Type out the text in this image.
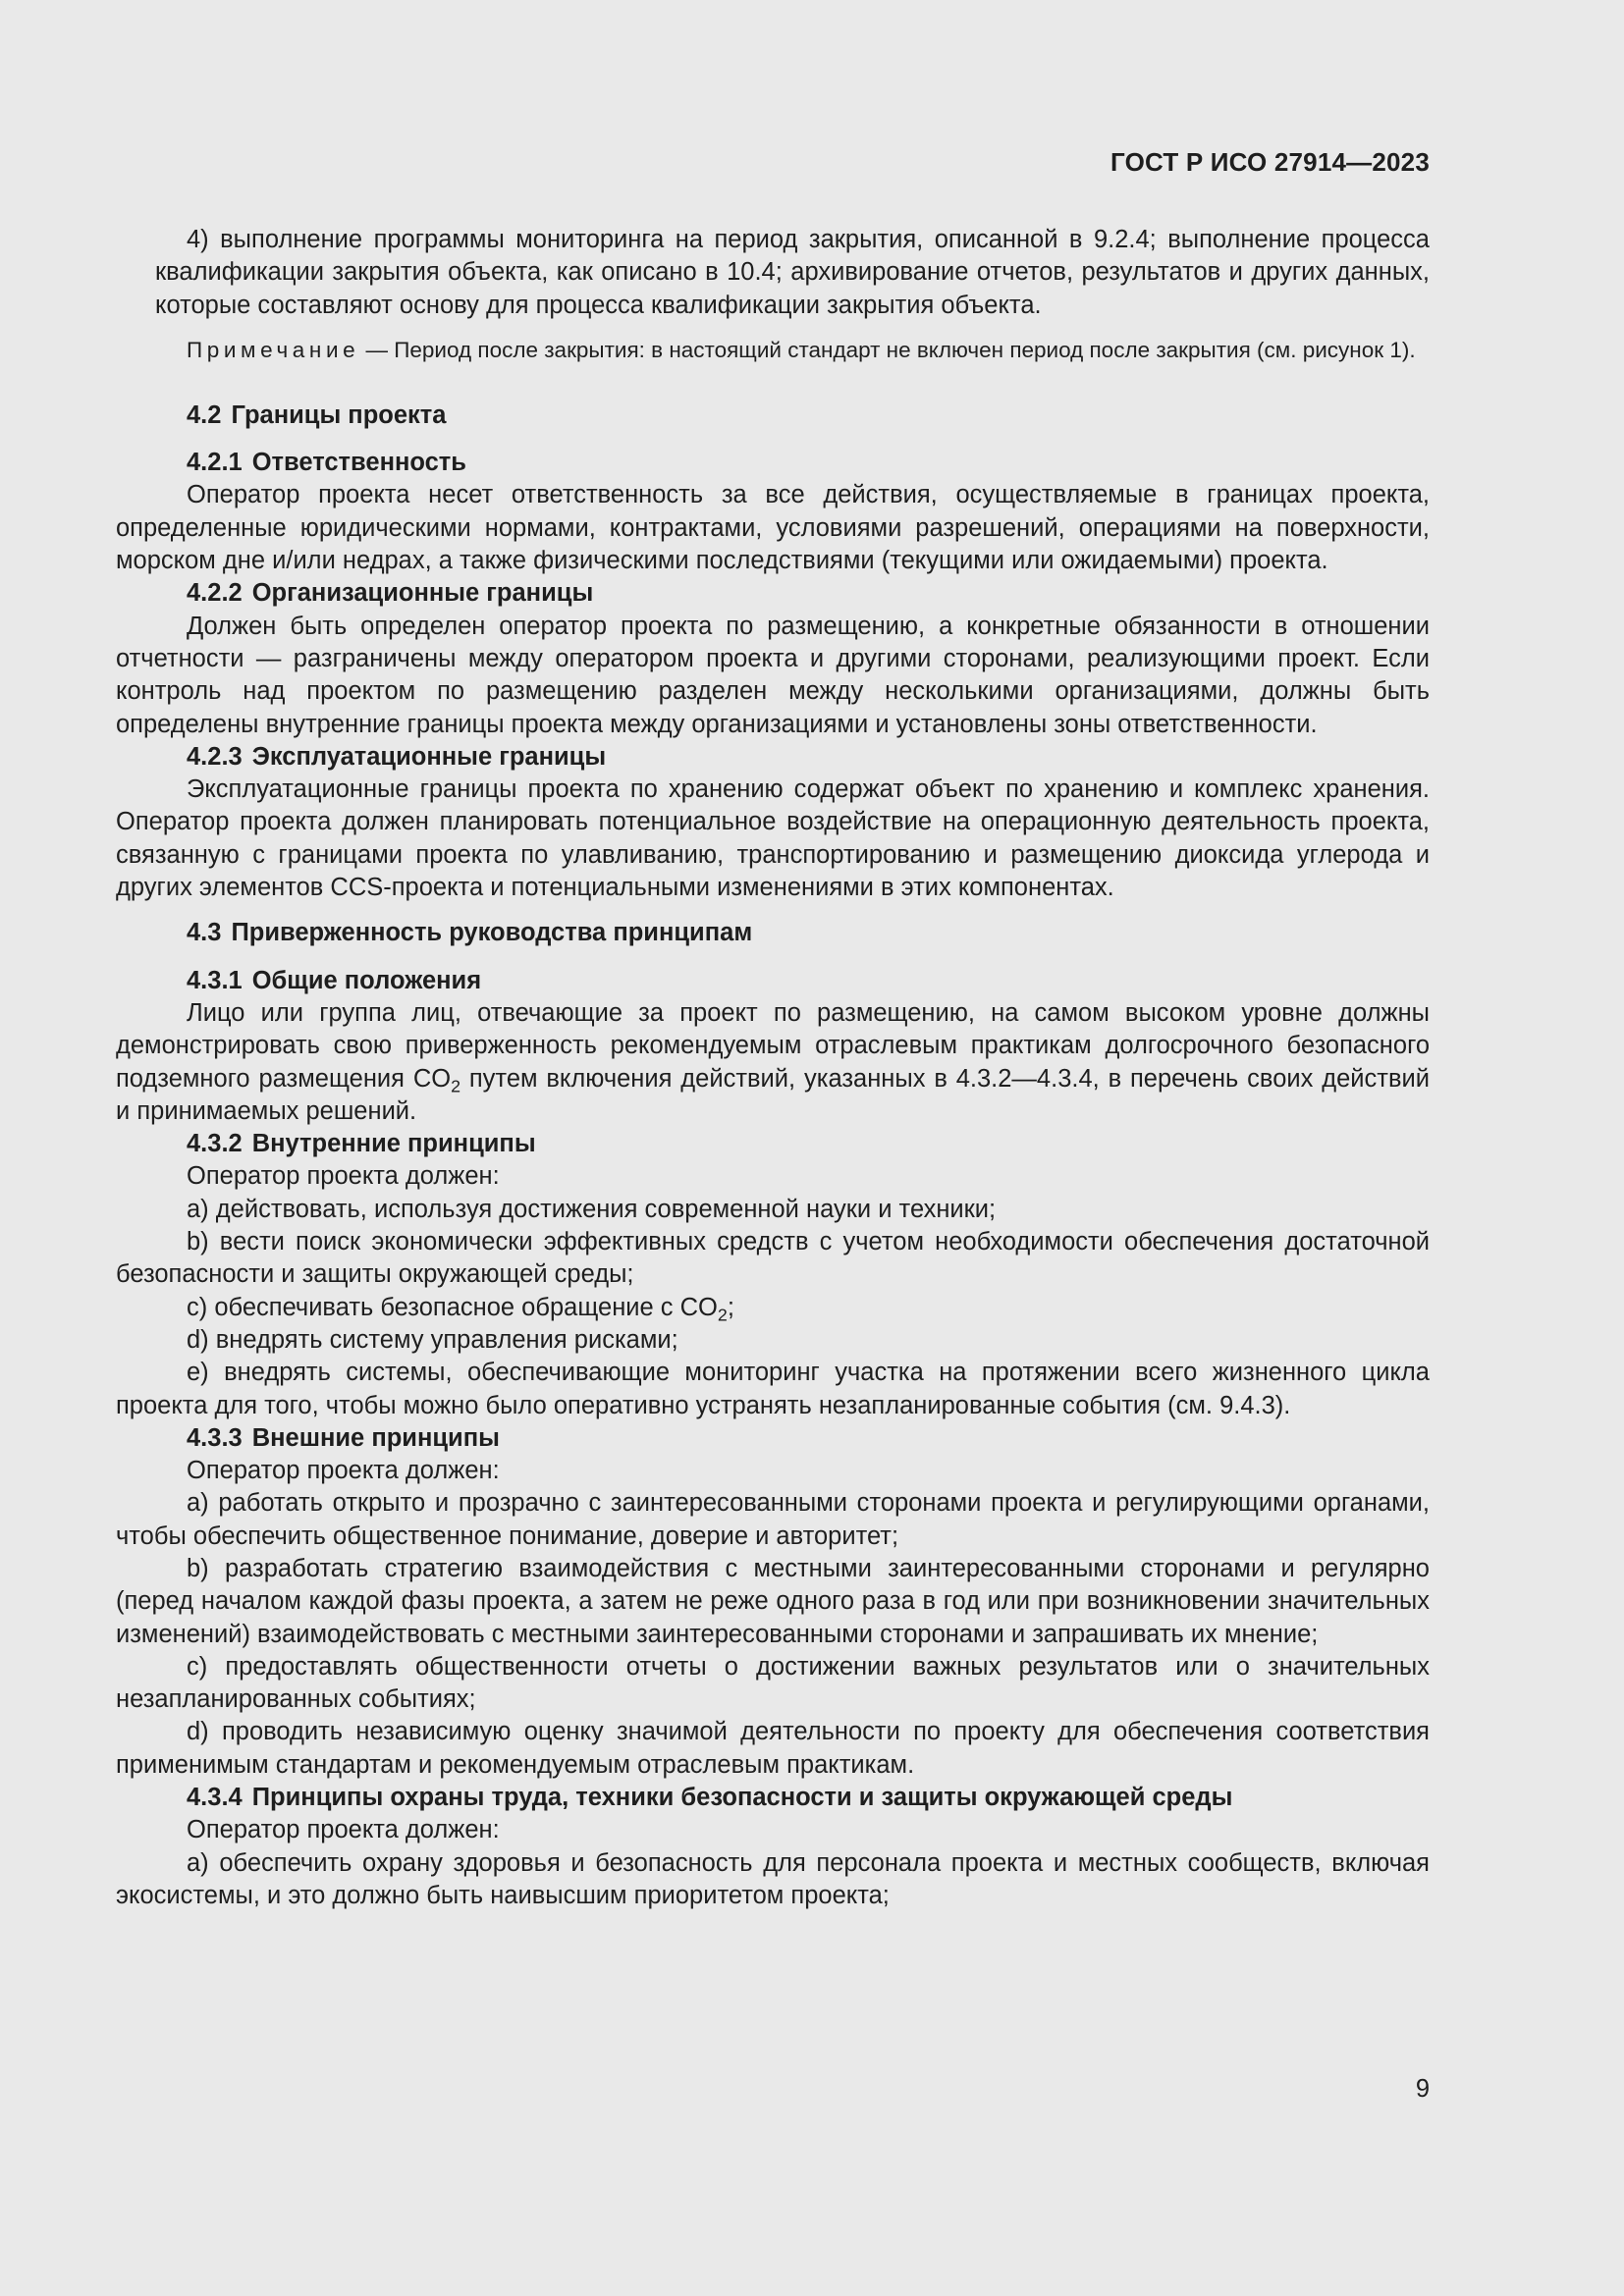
ГОСТ Р ИСО 27914—2023

4) выполнение программы мониторинга на период закрытия, описанной в 9.2.4; выполнение процесса квалификации закрытия объекта, как описано в 10.4; архивирование отчетов, результатов и других данных, которые составляют основу для процесса квалификации закрытия объекта.

Примечание — Период после закрытия: в настоящий стандарт не включен период после закрытия (см. рисунок 1).

4.2 Границы проекта

4.2.1 Ответственность

Оператор проекта несет ответственность за все действия, осуществляемые в границах проекта, определенные юридическими нормами, контрактами, условиями разрешений, операциями на поверхности, морском дне и/или недрах, а также физическими последствиями (текущими или ожидаемыми) проекта.

4.2.2 Организационные границы

Должен быть определен оператор проекта по размещению, а конкретные обязанности в отношении отчетности — разграничены между оператором проекта и другими сторонами, реализующими проект. Если контроль над проектом по размещению разделен между несколькими организациями, должны быть определены внутренние границы проекта между организациями и установлены зоны ответственности.

4.2.3 Эксплуатационные границы

Эксплуатационные границы проекта по хранению содержат объект по хранению и комплекс хранения. Оператор проекта должен планировать потенциальное воздействие на операционную деятельность проекта, связанную с границами проекта по улавливанию, транспортированию и размещению диоксида углерода и других элементов CCS-проекта и потенциальными изменениями в этих компонентах.

4.3 Приверженность руководства принципам

4.3.1 Общие положения

Лицо или группа лиц, отвечающие за проект по размещению, на самом высоком уровне должны демонстрировать свою приверженность рекомендуемым отраслевым практикам долгосрочного безопасного подземного размещения $CO_2$ путем включения действий, указанных в 4.3.2—4.3.4, в перечень своих действий и принимаемых решений.

4.3.2 Внутренние принципы

Оператор проекта должен:

a) действовать, используя достижения современной науки и техники;

b) вести поиск экономически эффективных средств с учетом необходимости обеспечения достаточной безопасности и защиты окружающей среды;

c) обеспечивать безопасное обращение с $CO_2$;

d) внедрять систему управления рисками;

e) внедрять системы, обеспечивающие мониторинг участка на протяжении всего жизненного цикла проекта для того, чтобы можно было оперативно устранять незапланированные события (см. 9.4.3).

4.3.3 Внешние принципы

Оператор проекта должен:

a) работать открыто и прозрачно с заинтересованными сторонами проекта и регулирующими органами, чтобы обеспечить общественное понимание, доверие и авторитет;

b) разработать стратегию взаимодействия с местными заинтересованными сторонами и регулярно (перед началом каждой фазы проекта, а затем не реже одного раза в год или при возникновении значительных изменений) взаимодействовать с местными заинтересованными сторонами и запрашивать их мнение;

c) предоставлять общественности отчеты о достижении важных результатов или о значительных незапланированных событиях;

d) проводить независимую оценку значимой деятельности по проекту для обеспечения соответствия применимым стандартам и рекомендуемым отраслевым практикам.

4.3.4 Принципы охраны труда, техники безопасности и защиты окружающей среды

Оператор проекта должен:

a) обеспечить охрану здоровья и безопасность для персонала проекта и местных сообществ, включая экосистемы, и это должно быть наивысшим приоритетом проекта;

9
